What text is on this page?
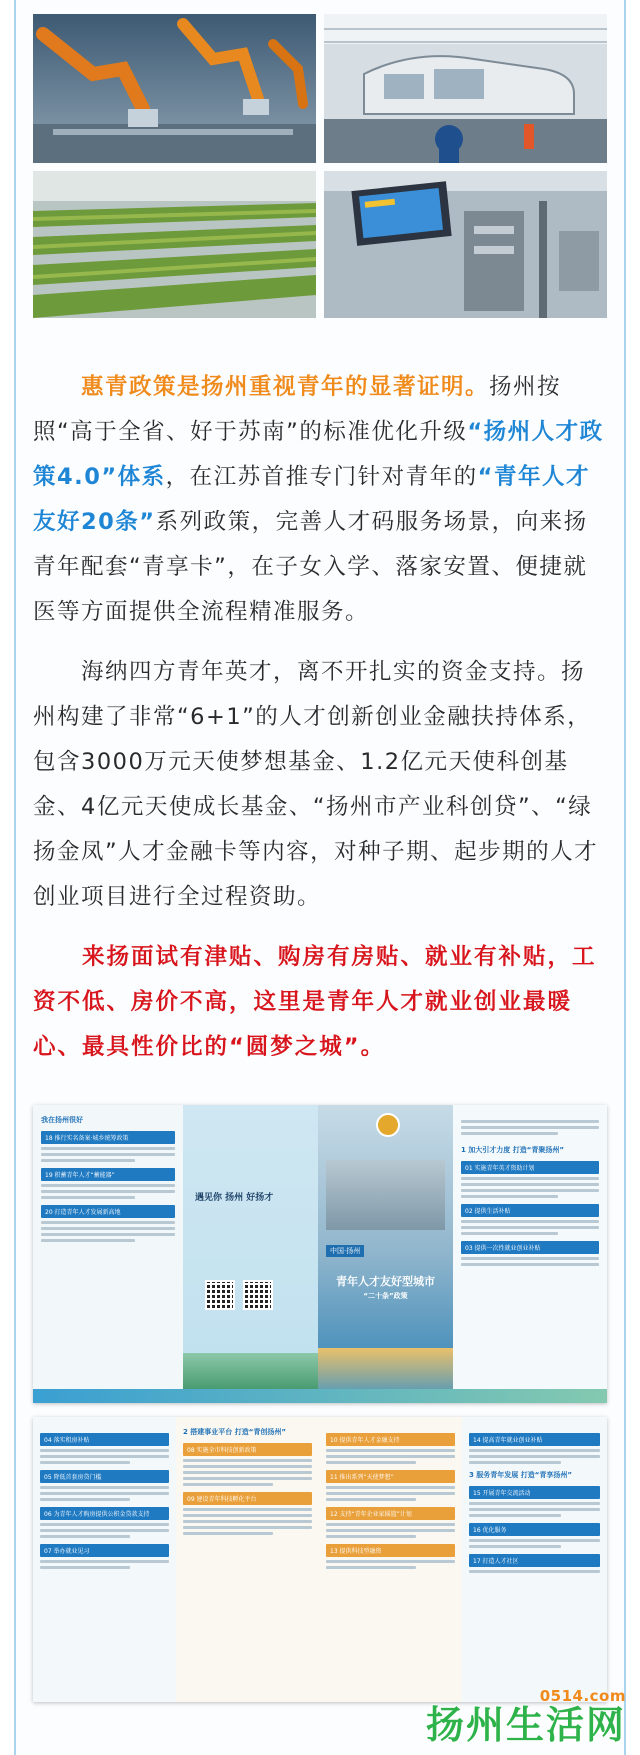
　　惠青政策是扬州重视青年的显著证明。扬州按照“高于全省、好于苏南”的标准优化升级“扬州人才政策4.0”体系，在江苏首推专门针对青年的“青年人才友好20条”系列政策，完善人才码服务场景，向来扬青年配套“青享卡”，在子女入学、落家安置、便捷就医等方面提供全流程精准服务。

　　海纳四方青年英才，离不开扎实的资金支持。扬州构建了非常“6+1”的人才创新创业金融扶持体系，包含3000万元天使梦想基金、1.2亿元天使科创基金、4亿元天使成长基金、“扬州市产业科创贷”、“绿扬金凤”人才金融卡等内容，对种子期、起步期的人才创业项目进行全过程资助。

　　来扬面试有津贴、购房有房贴、就业有补贴，工资不低、房价不高，这里是青年人才就业创业最暖心、最具性价比的“圆梦之城”。

我在扬州很好
18 推行实名备案·城乡统筹政策
19 积蓄青年人才“蓄能器”
20 打造青年人才发展新高地
遇见你 扬州 好扬才
中国·扬州
青年人才友好型城市
“二十条”政策
1 加大引才力度 打造“青聚扬州”
01 实施青年英才资助计划
02 提供生活补贴
03 提供一次性就业创业补贴
04 落实租房补贴
05 降低首套房贷门槛
06 为青年人才购房提供公积金贷款支持
07 举办就业见习
2 搭建事业平台 打造“青创扬州”
08 实施全市科技创新政策
09 建设青年科技孵化平台
10 提供青年人才金融支持
11 推出系列“天使梦想”
12 支持“青年企业家摇篮”计划
13 提供科技型融资
14 提高青年就业创业补贴
3 服务青年发展 打造“青享扬州”
15 开展青年交流活动
16 优化服务
17 打造人才社区
0514.com
扬州生活网
